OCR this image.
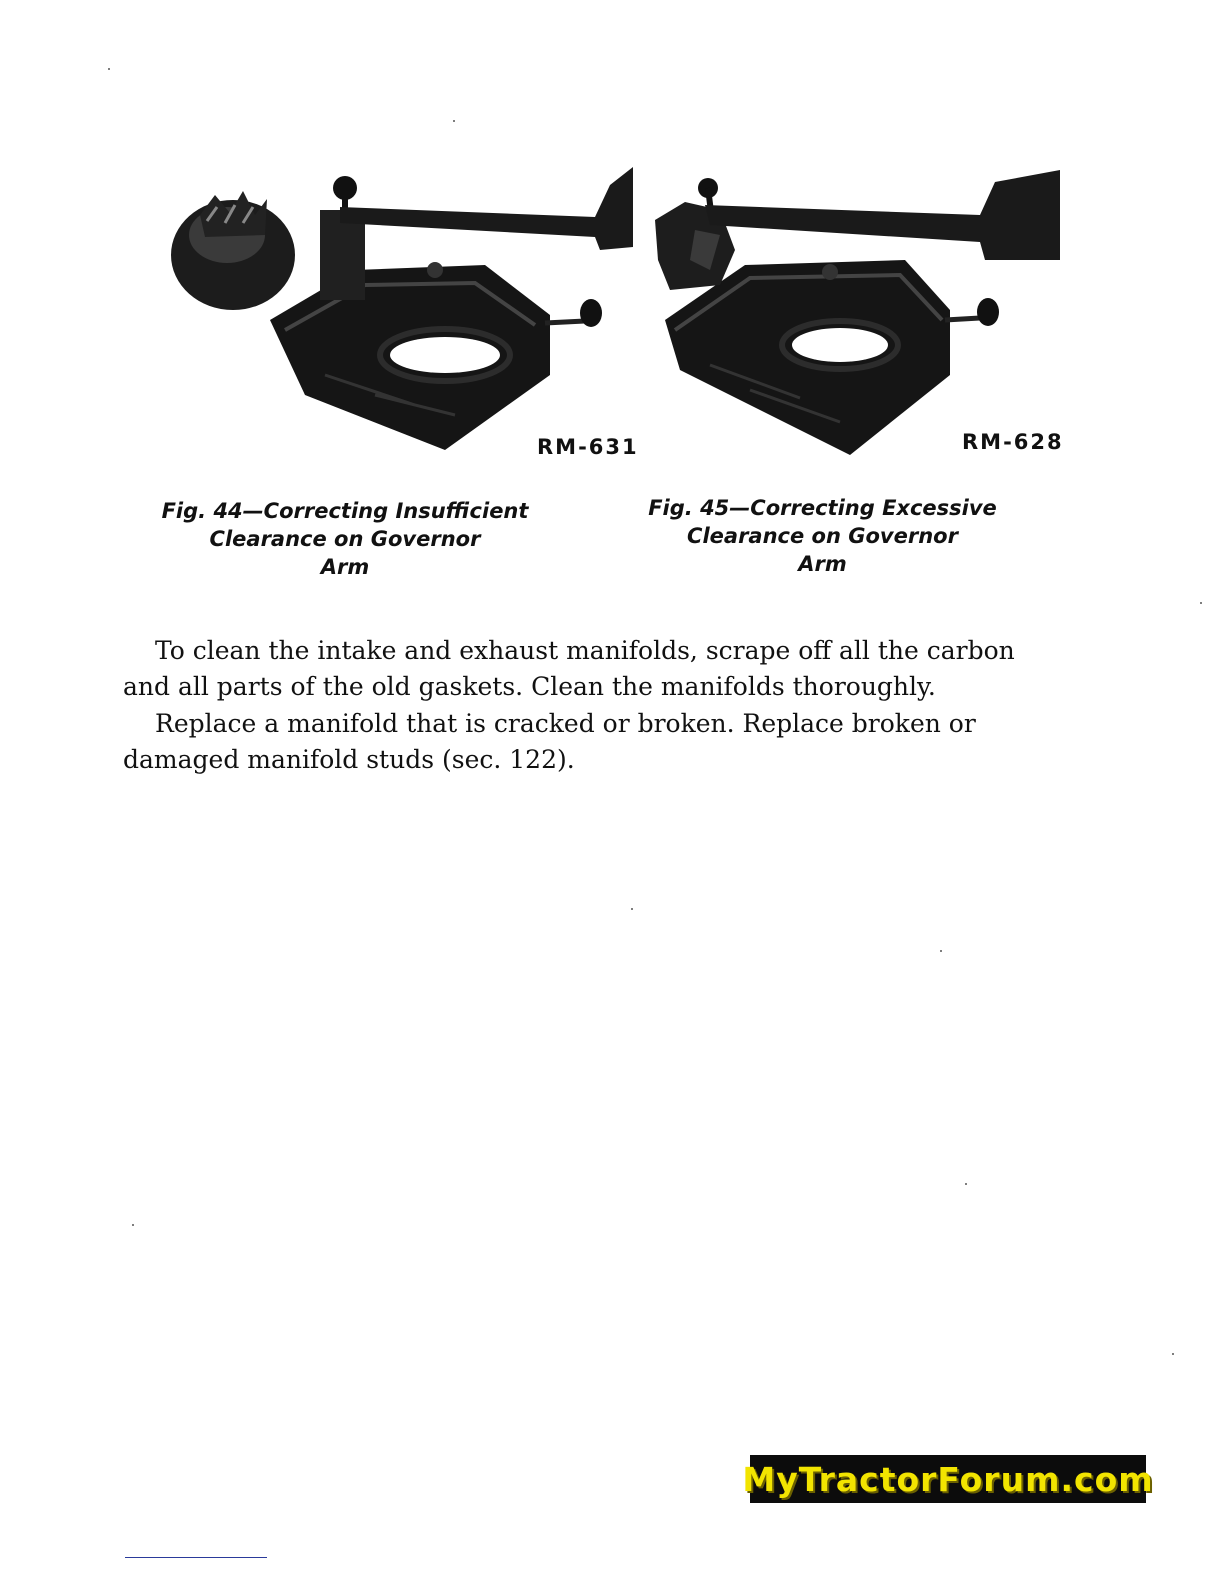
RM-631	RM-628
Fig. 44—Correcting Insufficient
Clearance on Governor
Arm
Fig. 45—Correcting Excessive
Clearance on Governor
Arm

To clean the intake and exhaust manifolds, scrape off all the carbon and all parts of the old gaskets. Clean the manifolds thoroughly.

Replace a manifold that is cracked or broken. Replace broken or damaged manifold studs (sec. 122).

MyTractorForum.com
